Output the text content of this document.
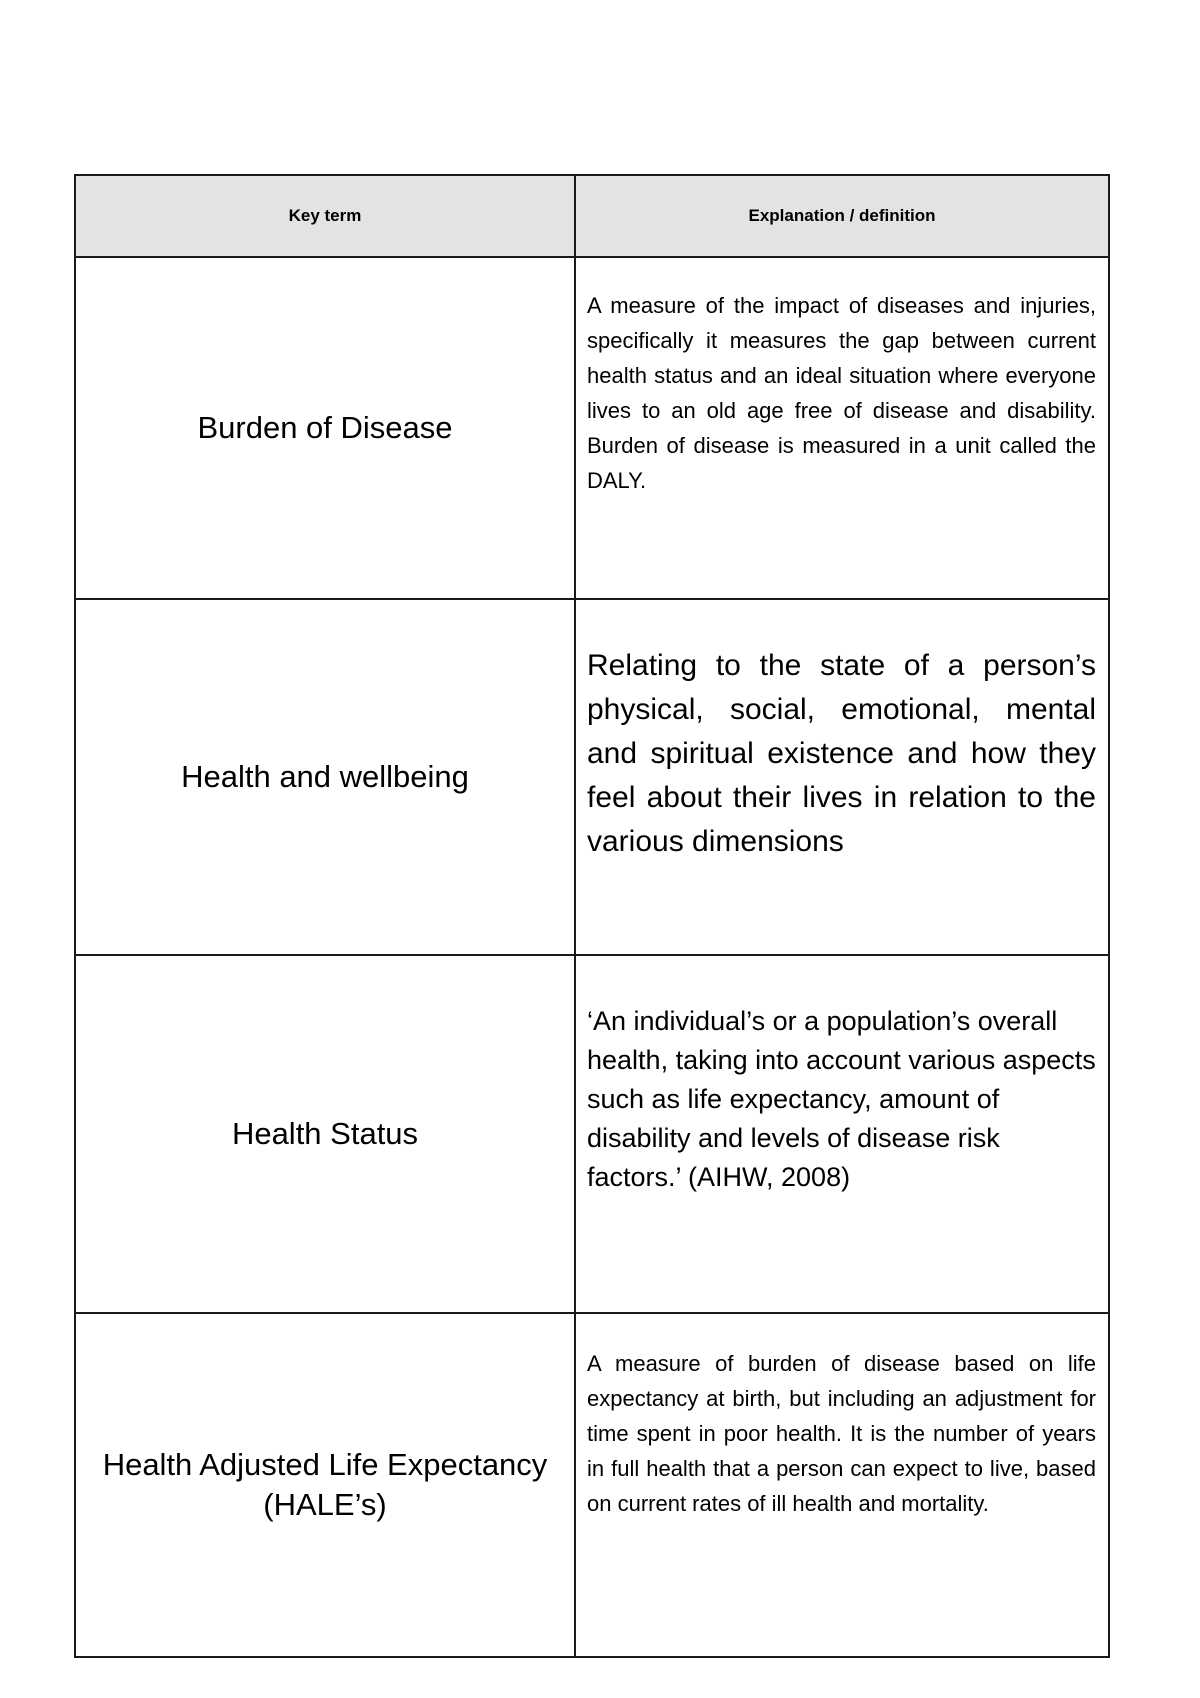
Key term	Explanation / definition
Burden of Disease	A measure of the impact of diseases and injuries, specifically it measures the gap between current health status and an ideal situation where everyone lives to an old age free of disease and disability. Burden of disease is measured in a unit called the DALY.
Health and wellbeing	Relating to the state of a person’s physical, social, emotional, mental and spiritual existence and how they feel about their lives in relation to the various dimensions
Health Status	‘An individual’s or a population’s overall health, taking into account various aspects such as life expectancy, amount of disability and levels of disease risk factors.’ (AIHW, 2008)
Health Adjusted Life Expectancy (HALE’s)	A measure of burden of disease based on life expectancy at birth, but including an adjustment for time spent in poor health. It is the number of years in full health that a person can expect to live, based on current rates of ill health and mortality.
